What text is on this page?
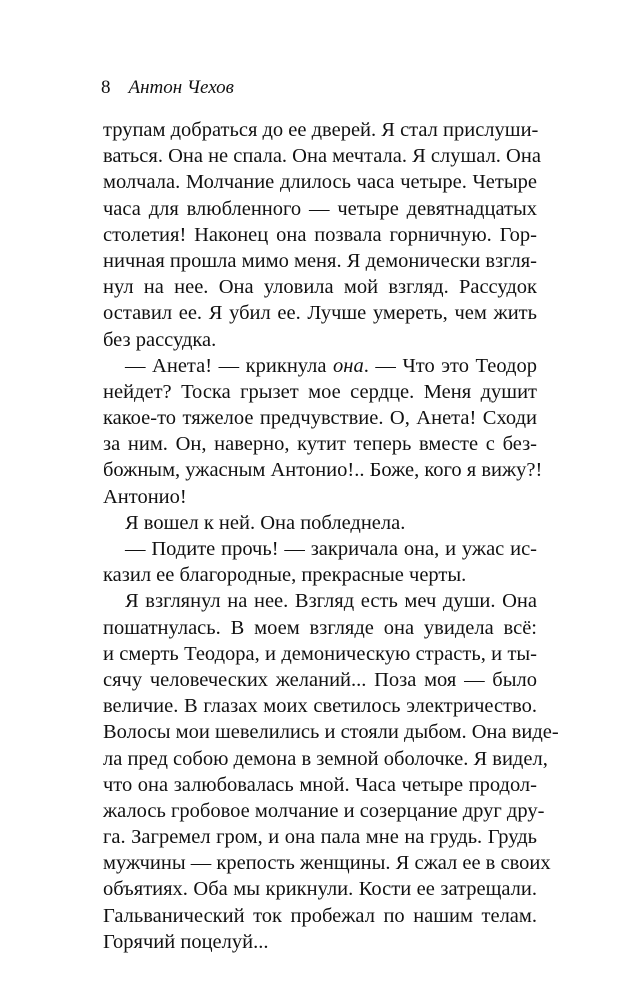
8 Антон Чехов
трупам добраться до ее дверей. Я стал прислуши-
ваться. Она не спала. Она мечтала. Я слушал. Она
молчала. Молчание длилось часа четыре. Четыре
часа для влюбленного — четыре девятнадцатых
столетия! Наконец она позвала горничную. Гор-
ничная прошла мимо меня. Я демонически взгля-
нул на нее. Она уловила мой взгляд. Рассудок
оставил ее. Я убил ее. Лучше умереть, чем жить
без рассудка.
— Анета! — крикнула она. — Что это Теодор
нейдет? Тоска грызет мое сердце. Меня душит
какое-то тяжелое предчувствие. О, Анета! Сходи
за ним. Он, наверно, кутит теперь вместе с без-
божным, ужасным Антонио!.. Боже, кого я вижу?!
Антонио!
Я вошел к ней. Она побледнела.
— Подите прочь! — закричала она, и ужас ис-
казил ее благородные, прекрасные черты.
Я взглянул на нее. Взгляд есть меч души. Она
пошатнулась. В моем взгляде она увидела всё:
и смерть Теодора, и демоническую страсть, и ты-
сячу человеческих желаний... Поза моя — было
величие. В глазах моих светилось электричество.
Волосы мои шевелились и стояли дыбом. Она виде-
ла пред собою демона в земной оболочке. Я видел,
что она залюбовалась мной. Часа четыре продол-
жалось гробовое молчание и созерцание друг дру-
га. Загремел гром, и она пала мне на грудь. Грудь
мужчины — крепость женщины. Я сжал ее в своих
объятиях. Оба мы крикнули. Кости ее затрещали.
Гальванический ток пробежал по нашим телам.
Горячий поцелуй...
